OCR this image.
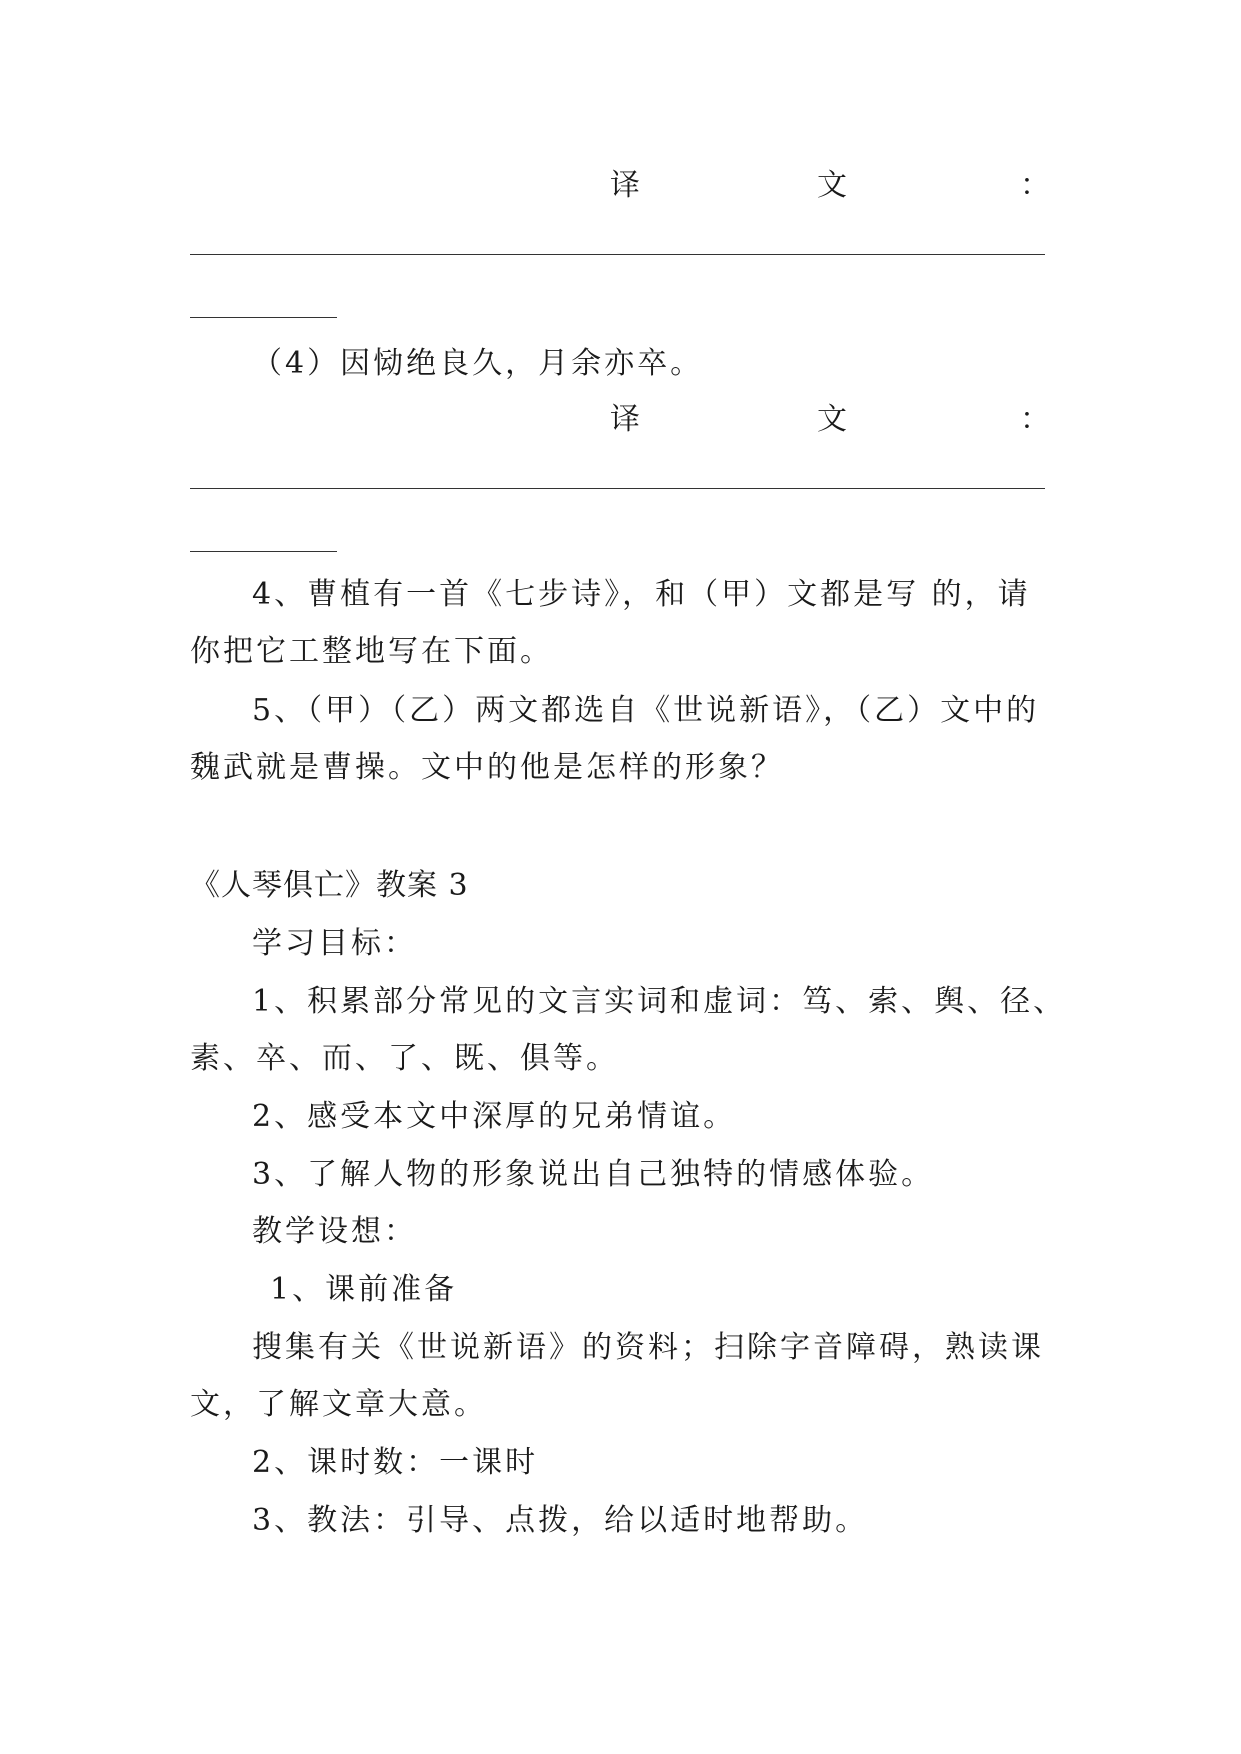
译	文	：
（4）因恸绝良久，月余亦卒。
译	文	：
4、曹植有一首《七步诗》，和（甲）文都是写 的，请
你把它工整地写在下面。
5、（甲）（乙）两文都选自《世说新语》，（乙）文中的
魏武就是曹操。文中的他是怎样的形象？
《人琴俱亡》教案 3
学习目标：
1、积累部分常见的文言实词和虚词：笃、索、舆、径、
素、卒、而、了、既、俱等。
2、感受本文中深厚的兄弟情谊。
3、了解人物的形象说出自己独特的情感体验。
教学设想：
1、课前准备
搜集有关《世说新语》的资料；扫除字音障碍，熟读课
文，了解文章大意。
2、课时数：一课时
3、教法：引导、点拨，给以适时地帮助。
